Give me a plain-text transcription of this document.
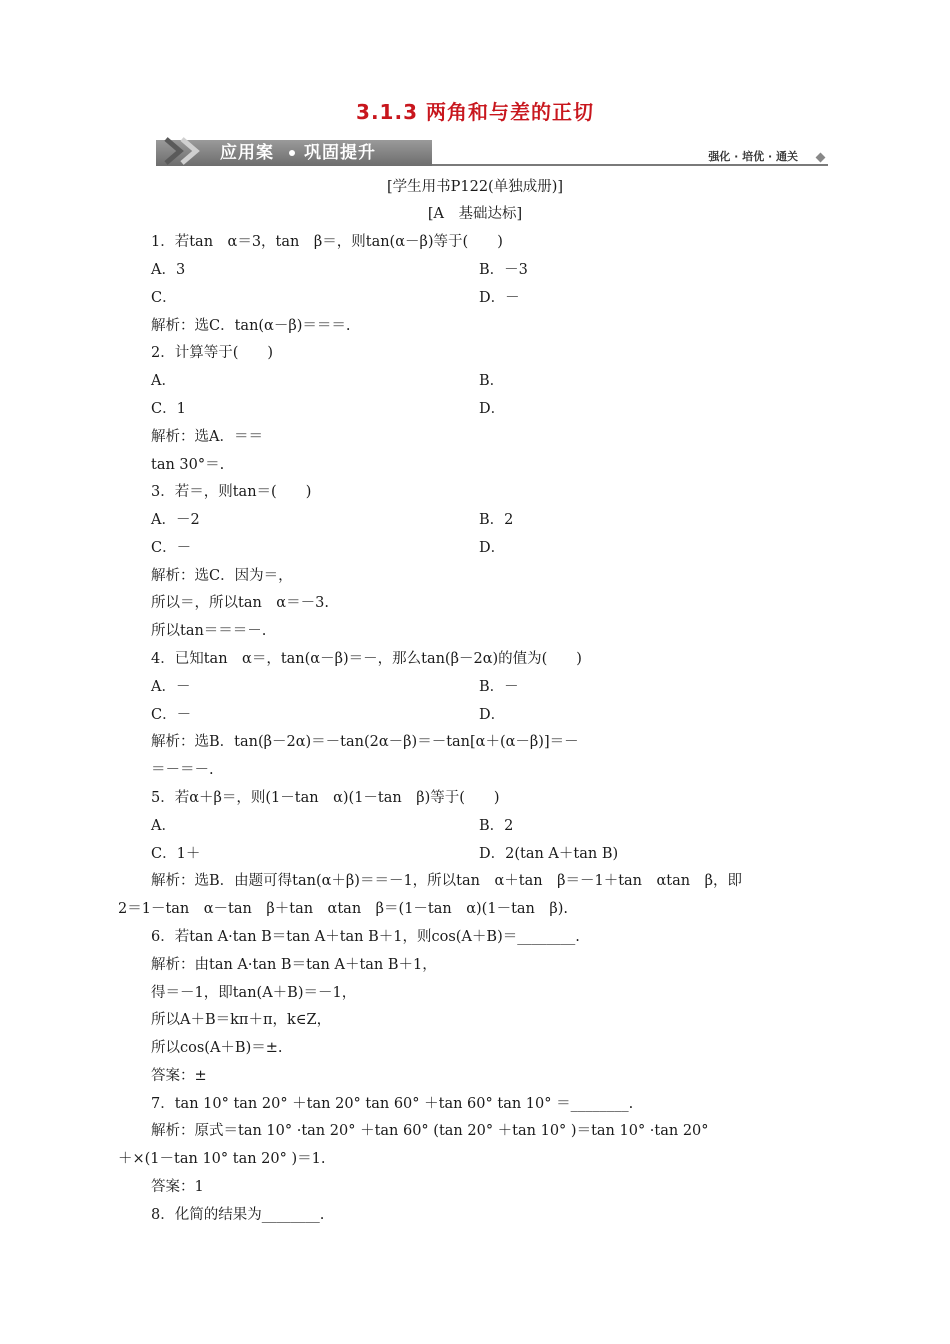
3.1.3 两角和与差的正切
应用案 巩固提升	强化 · 培优 · 通关
[学生用书P122(单独成册)]
[A　基础达标]
1．若tan　α＝3，tan　β＝，则tan(α－β)等于(　　)
A．3	B．－3
C．	D．－
解析：选C．tan(α－β)＝＝＝.
2．计算等于(　　)
A．	B．
C．1	D．
解析：选A．＝＝
tan 30°＝.
3．若＝，则tan＝(　　)
A．－2	B．2
C．－	D．
解析：选C．因为＝，
所以＝，所以tan　α＝－3.
所以tan＝＝＝－.
4．已知tan　α＝，tan(α－β)＝－，那么tan(β－2α)的值为(　　)
A．－	B．－
C．－	D．
解析：选B．tan(β－2α)＝－tan(2α－β)＝－tan[α＋(α－β)]＝－
＝－＝－.
5．若α＋β＝，则(1－tan　α)(1－tan　β)等于(　　)
A．	B．2
C．1＋	D．2(tan A＋tan B)
解析：选B．由题可得tan(α＋β)＝＝－1，所以tan　α＋tan　β＝－1＋tan　αtan　β，即
2＝1－tan　α－tan　β＋tan　αtan　β＝(1－tan　α)(1－tan　β).
6．若tan A·tan B＝tan A＋tan B＋1，则cos(A＋B)＝________.
解析：由tan A·tan B＝tan A＋tan B＋1，
得＝－1，即tan(A＋B)＝－1，
所以A＋B＝kπ＋π，k∈Z，
所以cos(A＋B)＝±.
答案：±
7．tan 10° tan 20° ＋tan 20° tan 60° ＋tan 60° tan 10° ＝________.
解析：原式＝tan 10° ·tan 20° ＋tan 60° (tan 20° ＋tan 10° )＝tan 10° ·tan 20°
＋×(1－tan 10° tan 20° )＝1.
答案：1
8．化简的结果为________.
